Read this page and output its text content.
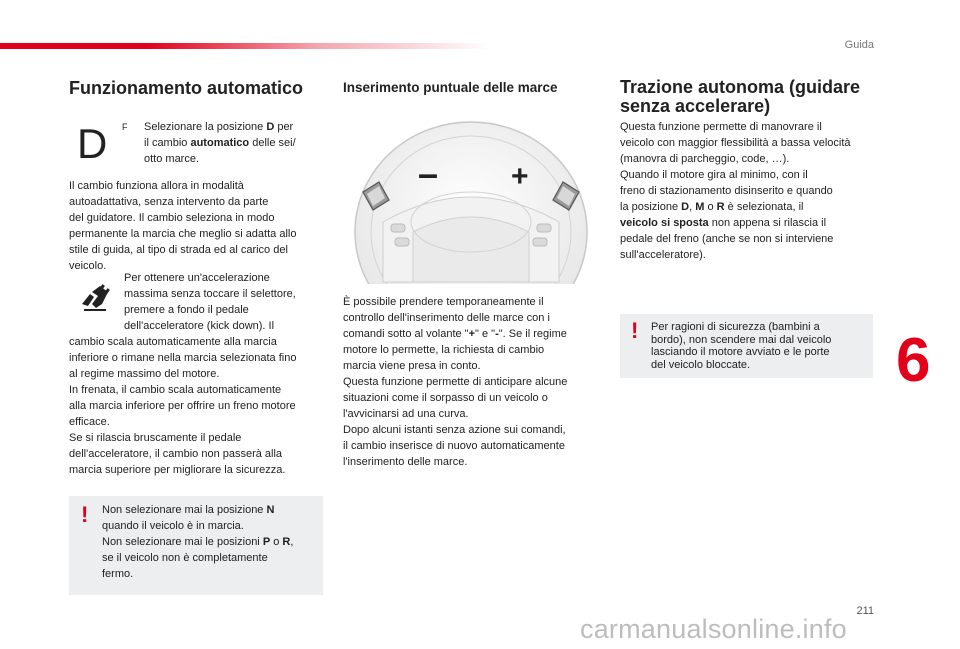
Guida
Funzionamento automatico
D F Selezionare la posizione D per
il cambio automatico delle sei/
otto marce.
Il cambio funziona allora in modalità
autoadattativa, senza intervento da parte
del guidatore. Il cambio seleziona in modo
permanente la marcia che meglio si adatta allo
stile di guida, al tipo di strada ed al carico del
veicolo.
Per ottenere un'accelerazione
massima senza toccare il selettore,
premere a fondo il pedale
dell'acceleratore (kick down). Il
cambio scala automaticamente alla marcia
inferiore o rimane nella marcia selezionata fino
al regime massimo del motore.
In frenata, il cambio scala automaticamente
alla marcia inferiore per offrire un freno motore
efficace.
Se si rilascia bruscamente il pedale
dell'acceleratore, il cambio non passerà alla
marcia superiore per migliorare la sicurezza.
! Non selezionare mai la posizione N
quando il veicolo è in marcia.
Non selezionare mai le posizioni P o R,
se il veicolo non è completamente
fermo.
Inserimento puntuale delle marce
– +
È possibile prendere temporaneamente il
controllo dell'inserimento delle marce con i
comandi sotto al volante "+" e "-". Se il regime
motore lo permette, la richiesta di cambio
marcia viene presa in conto.
Questa funzione permette di anticipare alcune
situazioni come il sorpasso di un veicolo o
l'avvicinarsi ad una curva.
Dopo alcuni istanti senza azione sui comandi,
il cambio inserisce di nuovo automaticamente
l'inserimento delle marce.
Trazione autonoma (guidare
senza accelerare)
Questa funzione permette di manovrare il
veicolo con maggior flessibilità a bassa velocità
(manovra di parcheggio, code, …).
Quando il motore gira al minimo, con il
freno di stazionamento disinserito e quando
la posizione D, M o R è selezionata, il
veicolo si sposta non appena si rilascia il
pedale del freno (anche se non si interviene
sull'acceleratore).
! Per ragioni di sicurezza (bambini a
bordo), non scendere mai dal veicolo
lasciando il motore avviato e le porte
del veicolo bloccate.	6
211
carmanualsonline.info
